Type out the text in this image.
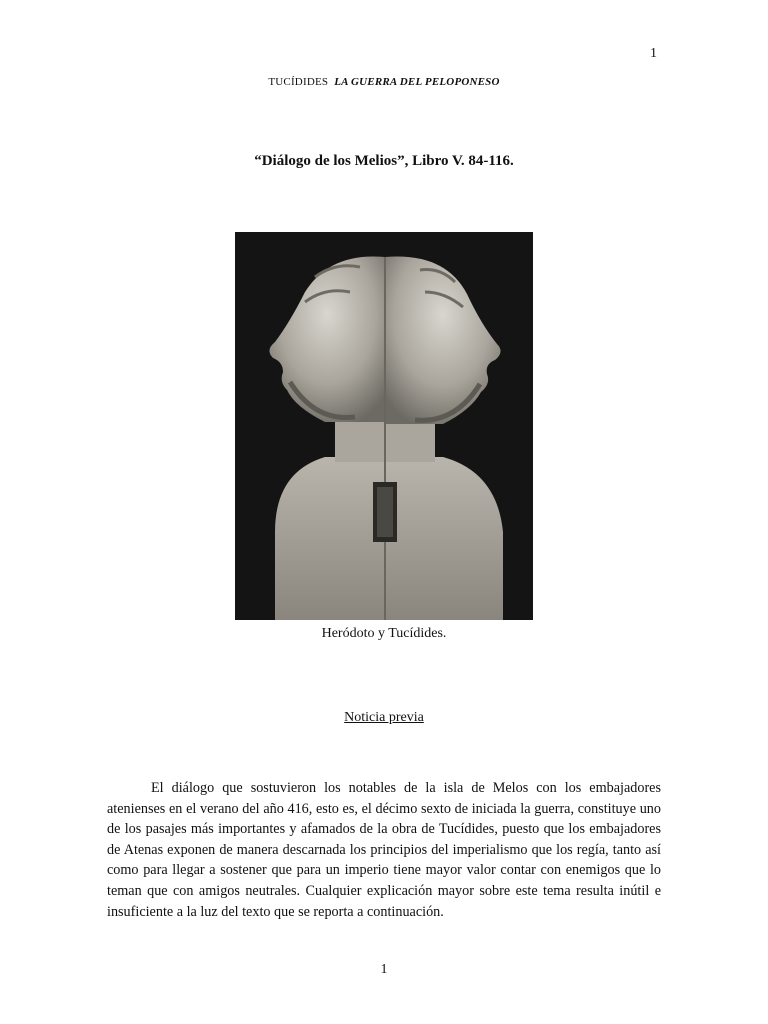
1
TUCÍDIDES LA GUERRA DEL PELOPONESO
“Diálogo de los Melios”, Libro V. 84-116.
Heródoto y Tucídides.
Noticia previa

El diálogo que sostuvieron los notables de la isla de Melos con los embajadores atenienses en el verano del año 416, esto es, el décimo sexto de iniciada la guerra, constituye uno de los pasajes más importantes y afamados de la obra de Tucídides, puesto que los embajadores de Atenas exponen de manera descarnada los principios del imperialismo que los regía, tanto así como para llegar a sostener que para un imperio tiene mayor valor contar con enemigos que lo teman que con amigos neutrales. Cualquier explicación mayor sobre este tema resulta inútil e insuficiente a la luz del texto que se reporta a continuación.

1
